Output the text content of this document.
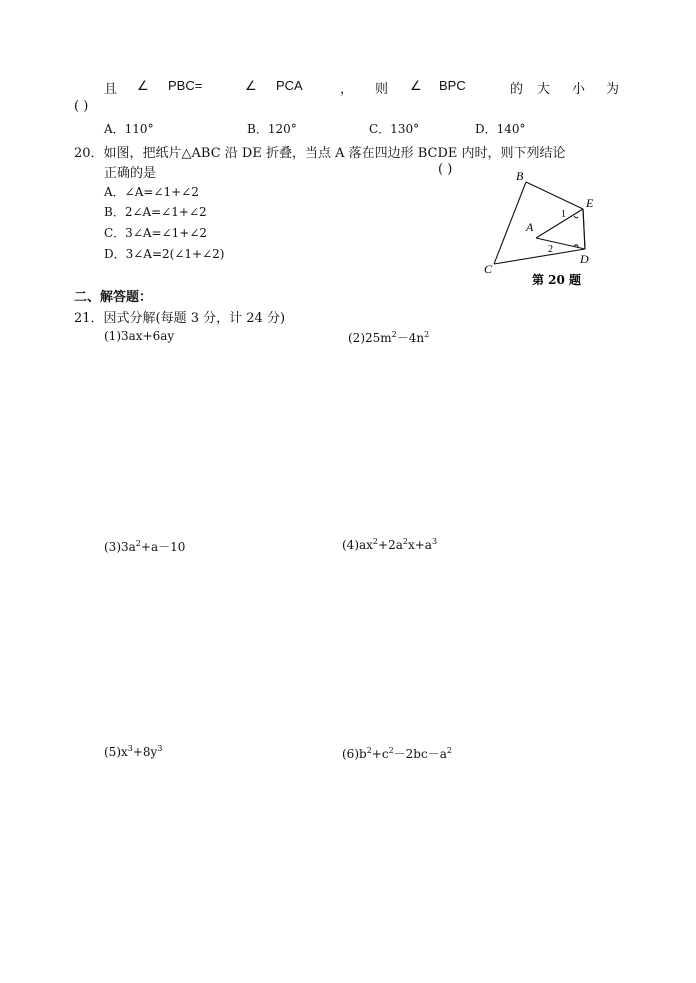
且 ∠ PBC=	∠ PCA	， 则 ∠ BPC	的 大 小 为
( )
A．110°	B．120°	C．130°	D．140°
20．如图，把纸片△ABC 沿 DE 折叠，当点 A 落在四边形 BCDE 内时，则下列结论
正确的是	( )
A．∠A=∠1+∠2
B．2∠A=∠1+∠2
C．3∠A=∠1+∠2
D．3∠A=2(∠1+∠2)
B
E
A
1
2
C
D
第 20 题
二、解答题：
21．因式分解(每题 3 分，计 24 分)
(1)3ax+6ay	$(2)25m^2-4n^2$
$(3)3a^2+a-10$	$(4)ax^2+2a^2x+a^3$
$(5)x^3+8y^3$	$(6)b^2+c^2-2bc-a^2$
